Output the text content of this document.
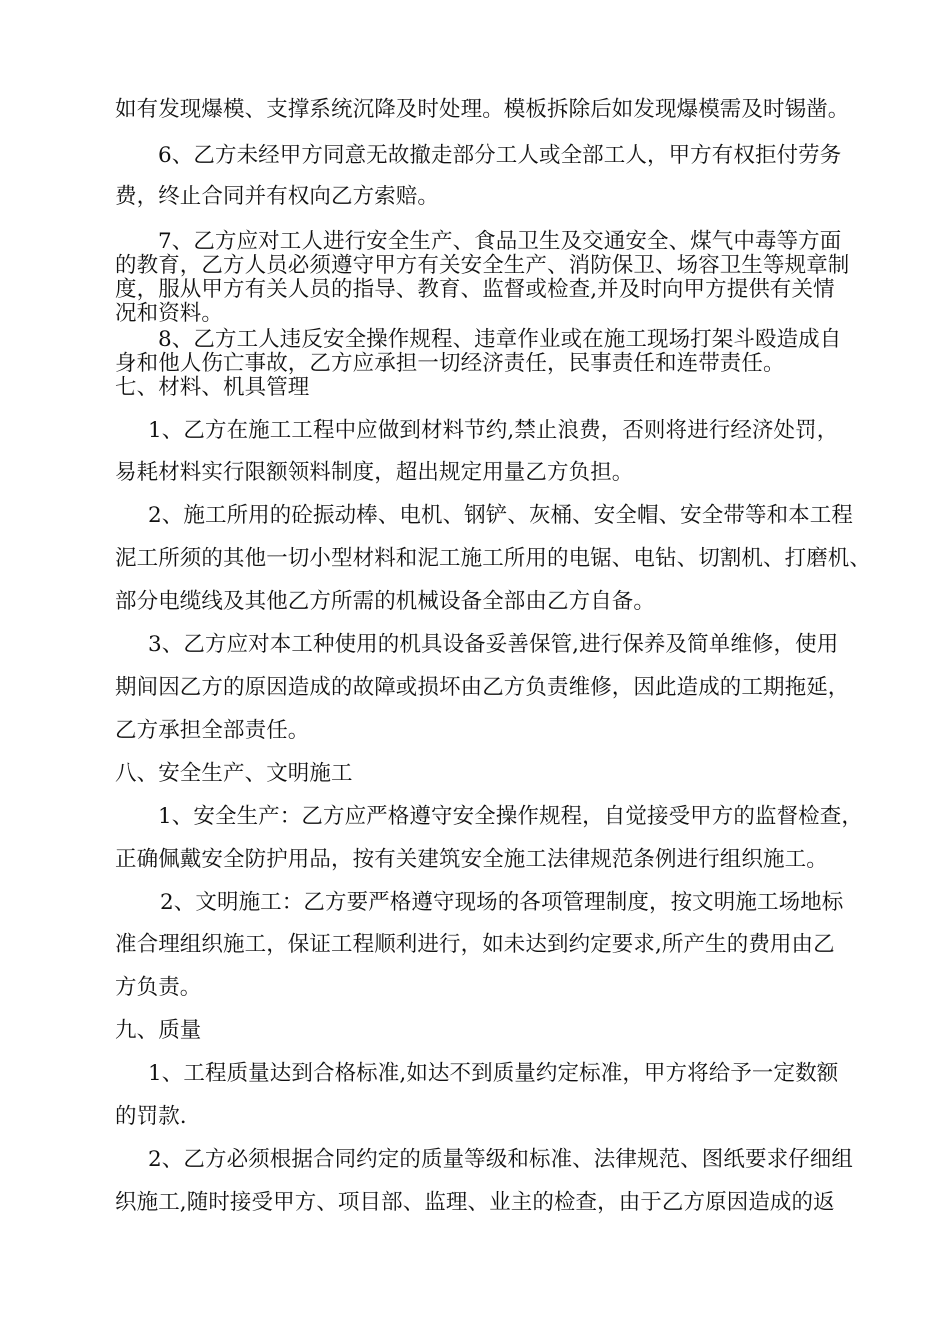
如有发现爆模、支撑系统沉降及时处理。模板拆除后如发现爆模需及时锡凿。
6、乙方未经甲方同意无故撤走部分工人或全部工人，甲方有权拒付劳务
费，终止合同并有权向乙方索赔。
7、乙方应对工人进行安全生产、食品卫生及交通安全、煤气中毒等方面
的教育，乙方人员必须遵守甲方有关安全生产、消防保卫、场容卫生等规章制
度，服从甲方有关人员的指导、教育、监督或检查,并及时向甲方提供有关情
况和资料。
8、乙方工人违反安全操作规程、违章作业或在施工现场打架斗殴造成自
身和他人伤亡事故，乙方应承担一切经济责任，民事责任和连带责任。
七、材料、机具管理
1、乙方在施工工程中应做到材料节约,禁止浪费，否则将进行经济处罚，
易耗材料实行限额领料制度，超出规定用量乙方负担。
2、施工所用的砼振动棒、电机、钢铲、灰桶、安全帽、安全带等和本工程
泥工所须的其他一切小型材料和泥工施工所用的电锯、电钻、切割机、打磨机、
部分电缆线及其他乙方所需的机械设备全部由乙方自备。
3、乙方应对本工种使用的机具设备妥善保管,进行保养及简单维修，使用
期间因乙方的原因造成的故障或损坏由乙方负责维修，因此造成的工期拖延，
乙方承担全部责任。
八、安全生产、文明施工
1、安全生产：乙方应严格遵守安全操作规程，自觉接受甲方的监督检查，
正确佩戴安全防护用品，按有关建筑安全施工法律规范条例进行组织施工。
2、文明施工：乙方要严格遵守现场的各项管理制度，按文明施工场地标
准合理组织施工，保证工程顺利进行，如未达到约定要求,所产生的费用由乙
方负责。
九、质量
1、工程质量达到合格标准,如达不到质量约定标准，甲方将给予一定数额
的罚款.
2、乙方必须根据合同约定的质量等级和标准、法律规范、图纸要求仔细组
织施工,随时接受甲方、项目部、监理、业主的检查，由于乙方原因造成的返
